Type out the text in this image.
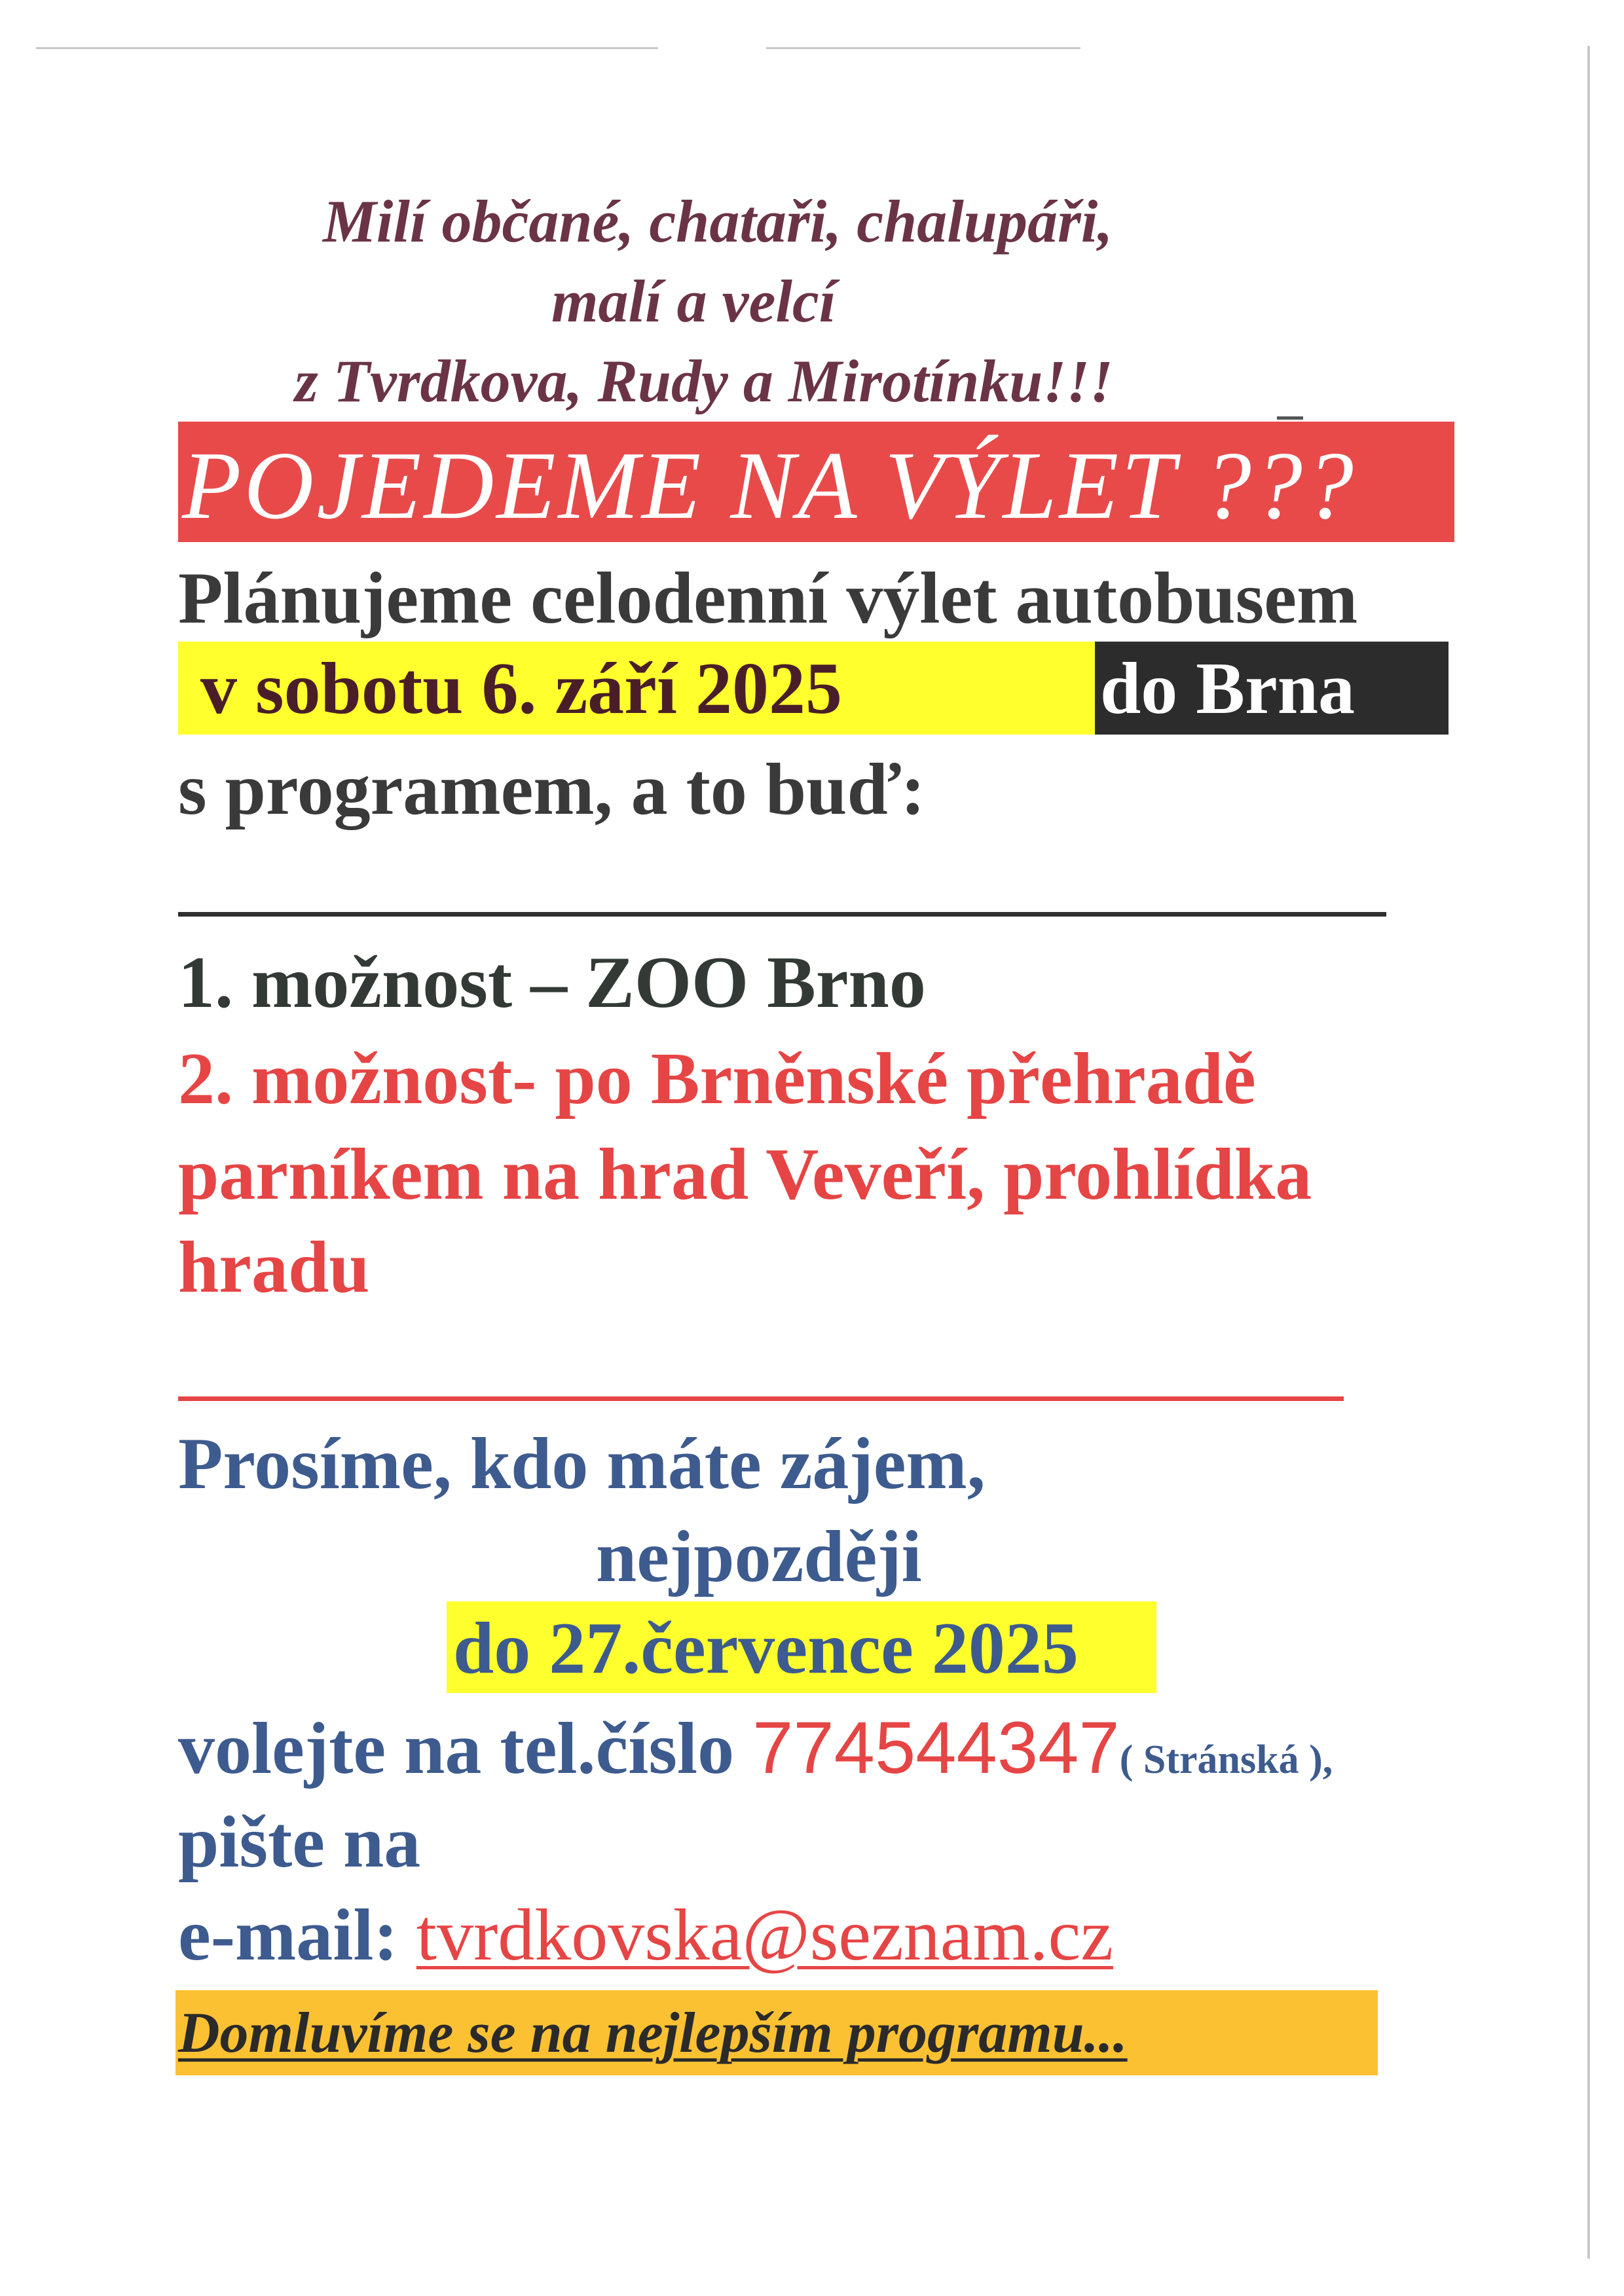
Milí občané, chataři, chalupáři,
malí a velcí
z Tvrdkova, Rudy a Mirotínku!!!
POJEDEME NA VÝLET ???
Plánujeme celodenní výlet autobusem
v sobotu 6. září 2025	do Brna
s programem, a to buď:
1. možnost – ZOO Brno
2. možnost- po Brněnské přehradě
parníkem na hrad Veveří, prohlídka
hradu
Prosíme, kdo máte zájem,
nejpozději
do 27.července 2025
volejte na tel.číslo 774544347( Stránská ),
pište na
e-mail: tvrdkovska@seznam.cz
Domluvíme se na nejlepším programu...
